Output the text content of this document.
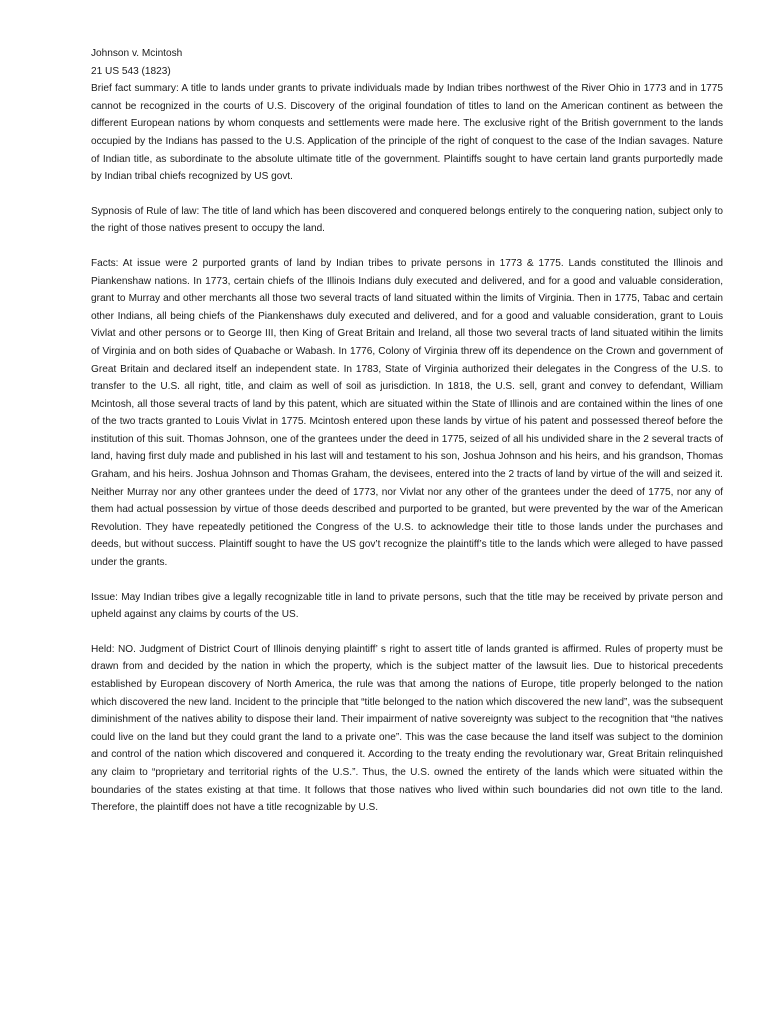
Johnson v. Mcintosh

21 US 543 (1823)

Brief fact summary: A title to lands under grants to private individuals made by Indian tribes northwest of the River Ohio in 1773 and in 1775 cannot be recognized in the courts of U.S. Discovery of the original foundation of titles to land on the American continent as between the different European nations by whom conquests and settlements were made here. The exclusive right of the British government to the lands occupied by the Indians has passed to the U.S. Application of the principle of the right of conquest to the case of the Indian savages. Nature of Indian title, as subordinate to the absolute ultimate title of the government. Plaintiffs sought to have certain land grants purportedly made by Indian tribal chiefs recognized by US govt.

Sypnosis of Rule of law: The title of land which has been discovered and conquered belongs entirely to the conquering nation, subject only to the right of those natives present to occupy the land.

Facts: At issue were 2 purported grants of land by Indian tribes to private persons in 1773 & 1775. Lands constituted the Illinois and Piankenshaw nations. In 1773, certain chiefs of the Illinois Indians duly executed and delivered, and for a good and valuable consideration, grant to Murray and other merchants all those two several tracts of land situated within the limits of Virginia. Then in 1775, Tabac and certain other Indians, all being chiefs of the Piankenshaws duly executed and delivered, and for a good and valuable consideration, grant to Louis Vivlat and other persons or to George III, then King of Great Britain and Ireland, all those two several tracts of land situated witihin the limits of Virginia and on both sides of Quabache or Wabash. In 1776, Colony of Virginia threw off its dependence on the Crown and government of Great Britain and declared itself an independent state. In 1783, State of Virginia authorized their delegates in the Congress of the U.S. to transfer to the U.S. all right, title, and claim as well of soil as jurisdiction. In 1818, the U.S. sell, grant and convey to defendant, William Mcintosh, all those several tracts of land by this patent, which are situated within the State of Illinois and are contained within the lines of one of the two tracts granted to Louis Vivlat in 1775. Mcintosh entered upon these lands by virtue of his patent and possessed thereof before the institution of this suit. Thomas Johnson, one of the grantees under the deed in 1775, seized of all his undivided share in the 2 several tracts of land, having first duly made and published in his last will and testament to his son, Joshua Johnson and his heirs, and his grandson, Thomas Graham, and his heirs. Joshua Johnson and Thomas Graham, the devisees, entered into the 2 tracts of land by virtue of the will and seized it. Neither Murray nor any other grantees under the deed of 1773, nor Vivlat nor any other of the grantees under the deed of 1775, nor any of them had actual possession by virtue of those deeds described and purported to be granted, but were prevented by the war of the American Revolution. They have repeatedly petitioned the Congress of the U.S. to acknowledge their title to those lands under the purchases and deeds, but without success. Plaintiff sought to have the US gov’t recognize the plaintiff’s title to the lands which were alleged to have passed under the grants.

Issue: May Indian tribes give a legally recognizable title in land to private persons, such that the title may be received by private person and upheld against any claims by courts of the US.

Held: NO. Judgment of District Court of Illinois denying plaintiff’ s right to assert title of lands granted is affirmed. Rules of property must be drawn from and decided by the nation in which the property, which is the subject matter of the lawsuit lies. Due to historical precedents established by European discovery of North America, the rule was that among the nations of Europe, title properly belonged to the nation which discovered the new land. Incident to the principle that “title belonged to the nation which discovered the new land”, was the subsequent diminishment of the natives ability to dispose their land. Their impairment of native sovereignty was subject to the recognition that “the natives could live on the land but they could grant the land to a private one”. This was the case because the land itself was subject to the dominion and control of the nation which discovered and conquered it. According to the treaty ending the revolutionary war, Great Britain relinquished any claim to “proprietary and territorial rights of the U.S.”. Thus, the U.S. owned the entirety of the lands which were situated within the boundaries of the states existing at that time. It follows that those natives who lived within such boundaries did not own title to the land. Therefore, the plaintiff does not have a title recognizable by U.S.
